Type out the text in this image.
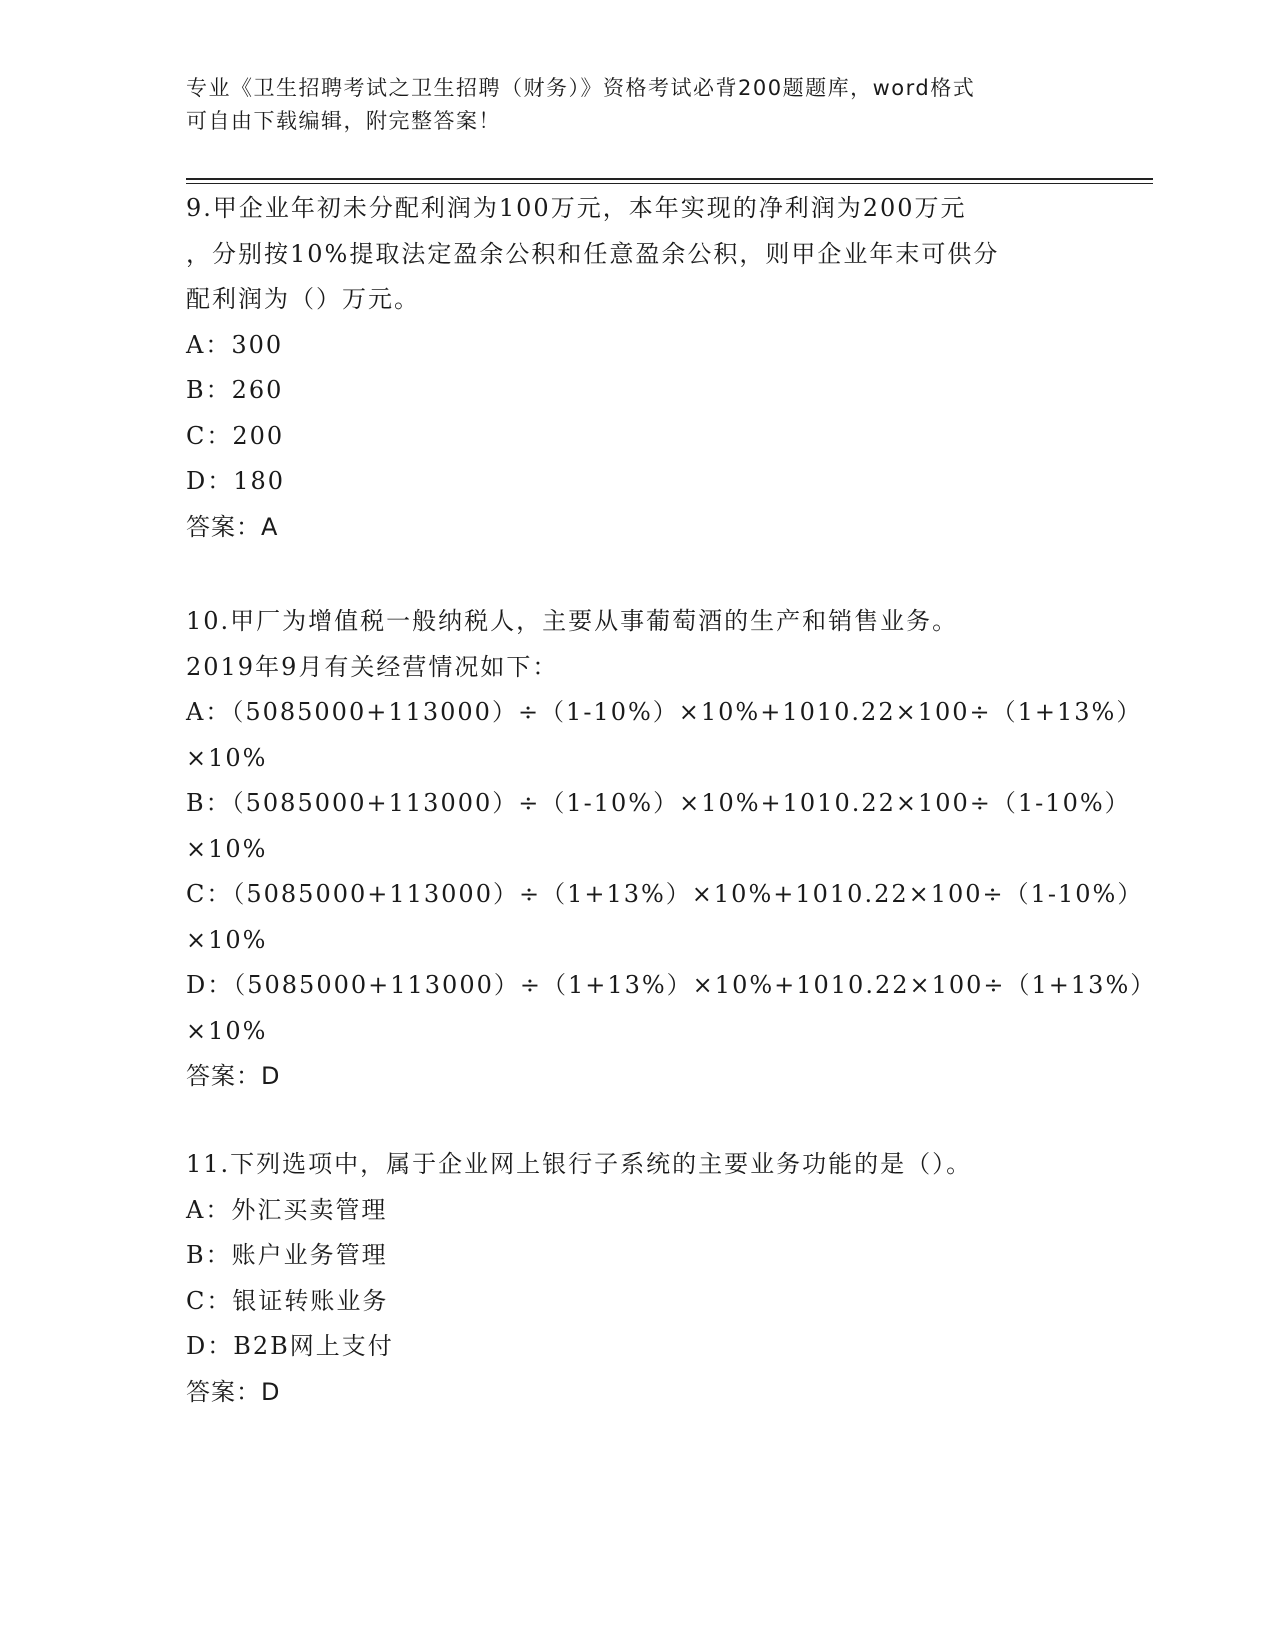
专业《卫生招聘考试之卫生招聘（财务）》资格考试必背200题题库，word格式
可自由下载编辑，附完整答案！
9.甲企业年初未分配利润为100万元，本年实现的净利润为200万元
，分别按10%提取法定盈余公积和任意盈余公积，则甲企业年末可供分
配利润为（）万元。
A：300
B：260
C：200
D：180
答案：A
10.甲厂为增值税一般纳税人，主要从事葡萄酒的生产和销售业务。
2019年9月有关经营情况如下：
A：（5085000+113000）÷（1-10%）×10%+1010.22×100÷（1+13%）
×10%
B：（5085000+113000）÷（1-10%）×10%+1010.22×100÷（1-10%）
×10%
C：（5085000+113000）÷（1+13%）×10%+1010.22×100÷（1-10%）
×10%
D：（5085000+113000）÷（1+13%）×10%+1010.22×100÷（1+13%）
×10%
答案：D
11.下列选项中，属于企业网上银行子系统的主要业务功能的是（）。
A：外汇买卖管理
B：账户业务管理
C：银证转账业务
D：B2B网上支付
答案：D
